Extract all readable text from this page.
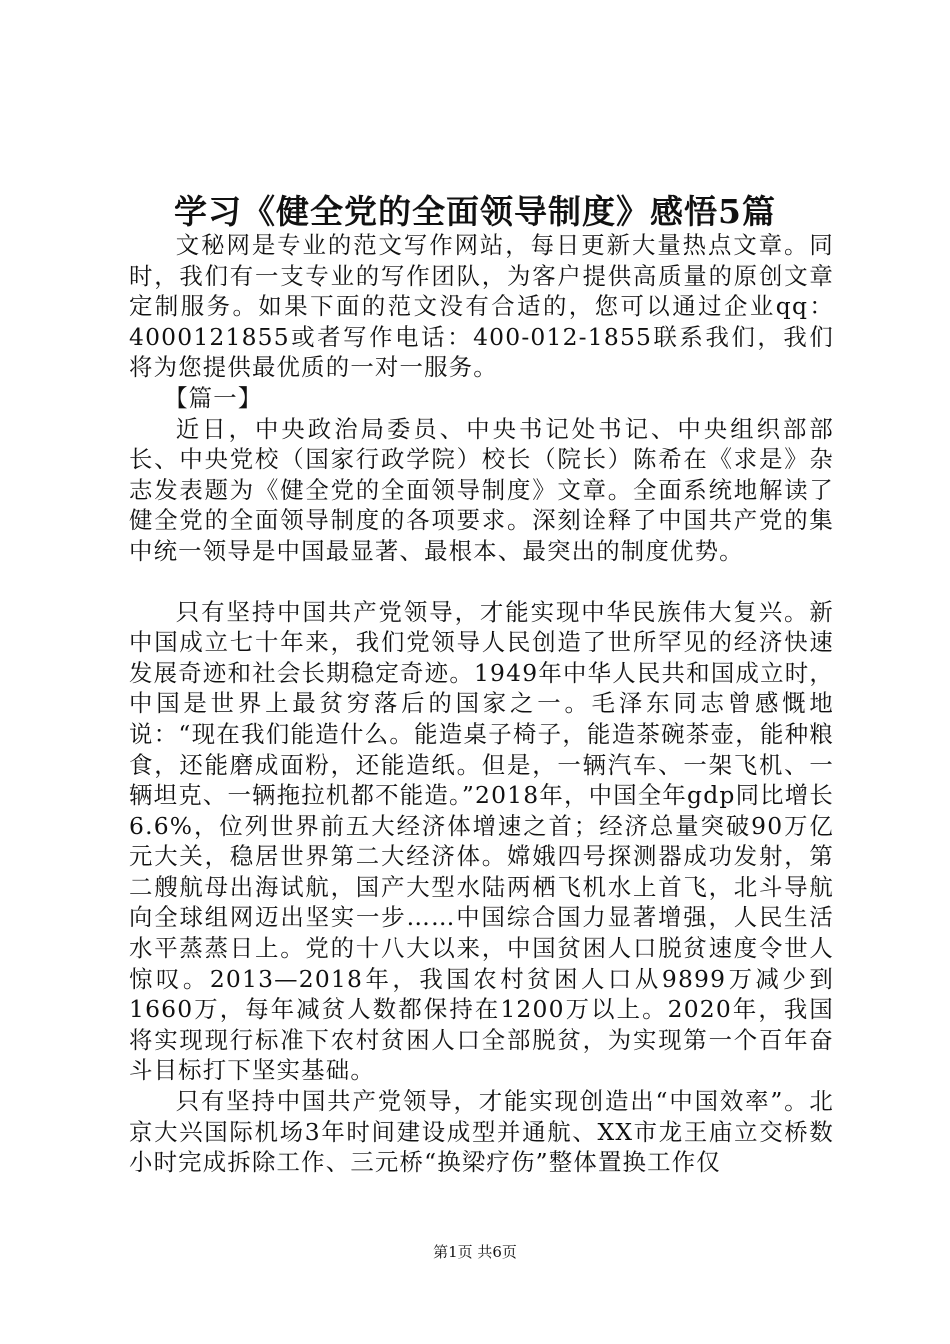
学习《健全党的全面领导制度》感悟5篇

文秘网是专业的范文写作网站，每日更新大量热点文章。同时，我们有一支专业的写作团队，为客户提供高质量的原创文章定制服务。如果下面的范文没有合适的，您可以通过企业qq：4000121855或者写作电话：400-012-1855联系我们，我们将为您提供最优质的一对一服务。

【篇一】

近日，中央政治局委员、中央书记处书记、中央组织部部长、中央党校（国家行政学院）校长（院长）陈希在《求是》杂志发表题为《健全党的全面领导制度》文章。全面系统地解读了健全党的全面领导制度的各项要求。深刻诠释了中国共产党的集中统一领导是中国最显著、最根本、最突出的制度优势。

只有坚持中国共产党领导，才能实现中华民族伟大复兴。新中国成立七十年来，我们党领导人民创造了世所罕见的经济快速发展奇迹和社会长期稳定奇迹。1949年中华人民共和国成立时，中国是世界上最贫穷落后的国家之一。毛泽东同志曾感慨地说：“现在我们能造什么。能造桌子椅子，能造茶碗茶壶，能种粮食，还能磨成面粉，还能造纸。但是，一辆汽车、一架飞机、一辆坦克、一辆拖拉机都不能造。”2018年，中国全年gdp同比增长6.6%，位列世界前五大经济体增速之首；经济总量突破90万亿元大关，稳居世界第二大经济体。嫦娥四号探测器成功发射，第二艘航母出海试航，国产大型水陆两栖飞机水上首飞，北斗导航向全球组网迈出坚实一步……中国综合国力显著增强，人民生活水平蒸蒸日上。党的十八大以来，中国贫困人口脱贫速度令世人惊叹。2013—2018年，我国农村贫困人口从9899万减少到1660万，每年减贫人数都保持在1200万以上。2020年，我国将实现现行标准下农村贫困人口全部脱贫，为实现第一个百年奋斗目标打下坚实基础。

只有坚持中国共产党领导，才能实现创造出“中国效率”。北京大兴国际机场3年时间建设成型并通航、XX市龙王庙立交桥数小时完成拆除工作、三元桥“换梁疗伤”整体置换工作仅

第1页 共6页
